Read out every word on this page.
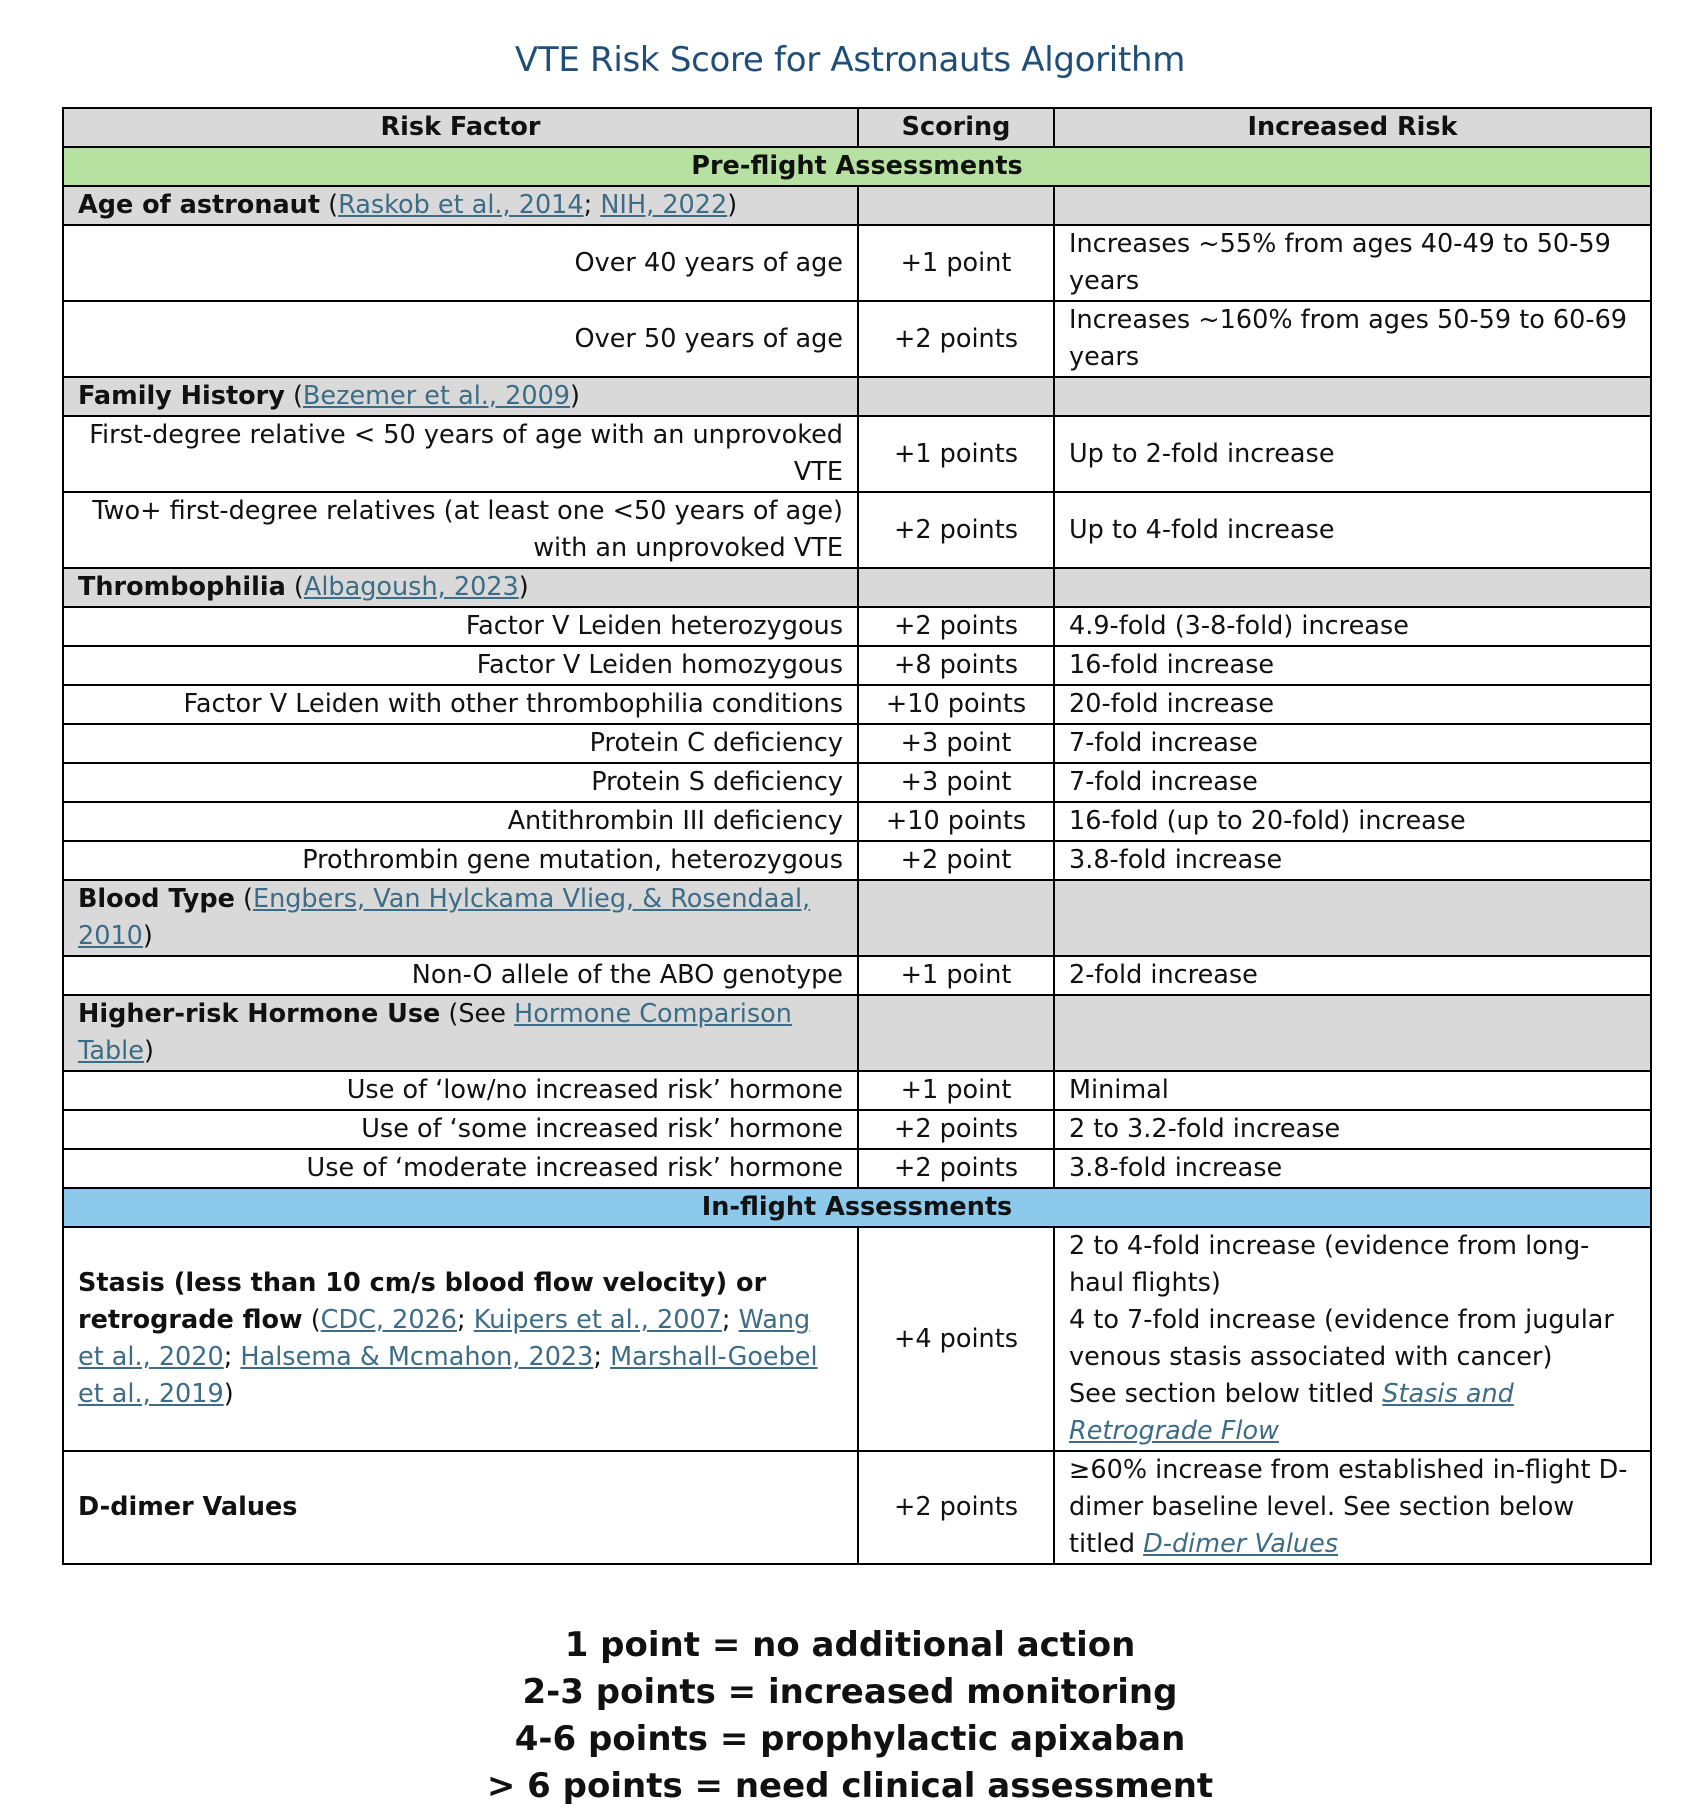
VTE Risk Score for Astronauts Algorithm
Risk Factor	Scoring	Increased Risk
Pre-flight Assessments		
Age of astronaut (Raskob et al., 2014; NIH, 2022)		
Over 40 years of age	+1 point	Increases ~55% from ages 40-49 to 50-59 years
Over 50 years of age	+2 points	Increases ~160% from ages 50-59 to 60-69 years
Family History (Bezemer et al., 2009)		
First-degree relative < 50 years of age with an unprovoked VTE	+1 points	Up to 2-fold increase
Two+ first-degree relatives (at least one <50 years of age) with an unprovoked VTE	+2 points	Up to 4-fold increase
Thrombophilia (Albagoush, 2023)		
Factor V Leiden heterozygous	+2 points	4.9-fold (3-8-fold) increase
Factor V Leiden homozygous	+8 points	16-fold increase
Factor V Leiden with other thrombophilia conditions	+10 points	20-fold increase
Protein C deficiency	+3 point	7-fold increase
Protein S deficiency	+3 point	7-fold increase
Antithrombin III deficiency	+10 points	16-fold (up to 20-fold) increase
Prothrombin gene mutation, heterozygous	+2 point	3.8-fold increase
Blood Type (Engbers, Van Hylckama Vlieg, & Rosendaal, 2010)		
Non-O allele of the ABO genotype	+1 point	2-fold increase
Higher-risk Hormone Use (See Hormone Comparison Table)		
Use of ‘low/no increased risk’ hormone	+1 point	Minimal
Use of ‘some increased risk’ hormone	+2 points	2 to 3.2-fold increase
Use of ‘moderate increased risk’ hormone	+2 points	3.8-fold increase
In-flight Assessments		
Stasis (less than 10 cm/s blood flow velocity) or retrograde flow (CDC, 2026; Kuipers et al., 2007; Wang et al., 2020; Halsema & Mcmahon, 2023; Marshall-Goebel et al., 2019)	+4 points	2 to 4-fold increase (evidence from long-haul flights)
4 to 7-fold increase (evidence from jugular venous stasis associated with cancer)
See section below titled Stasis and Retrograde Flow

D-dimer Values	+2 points	≥60% increase from established in-flight D-dimer baseline level. See section below titled D-dimer Values
1 point = no additional action
2-3 points = increased monitoring
4-6 points = prophylactic apixaban
> 6 points = need clinical assessment
